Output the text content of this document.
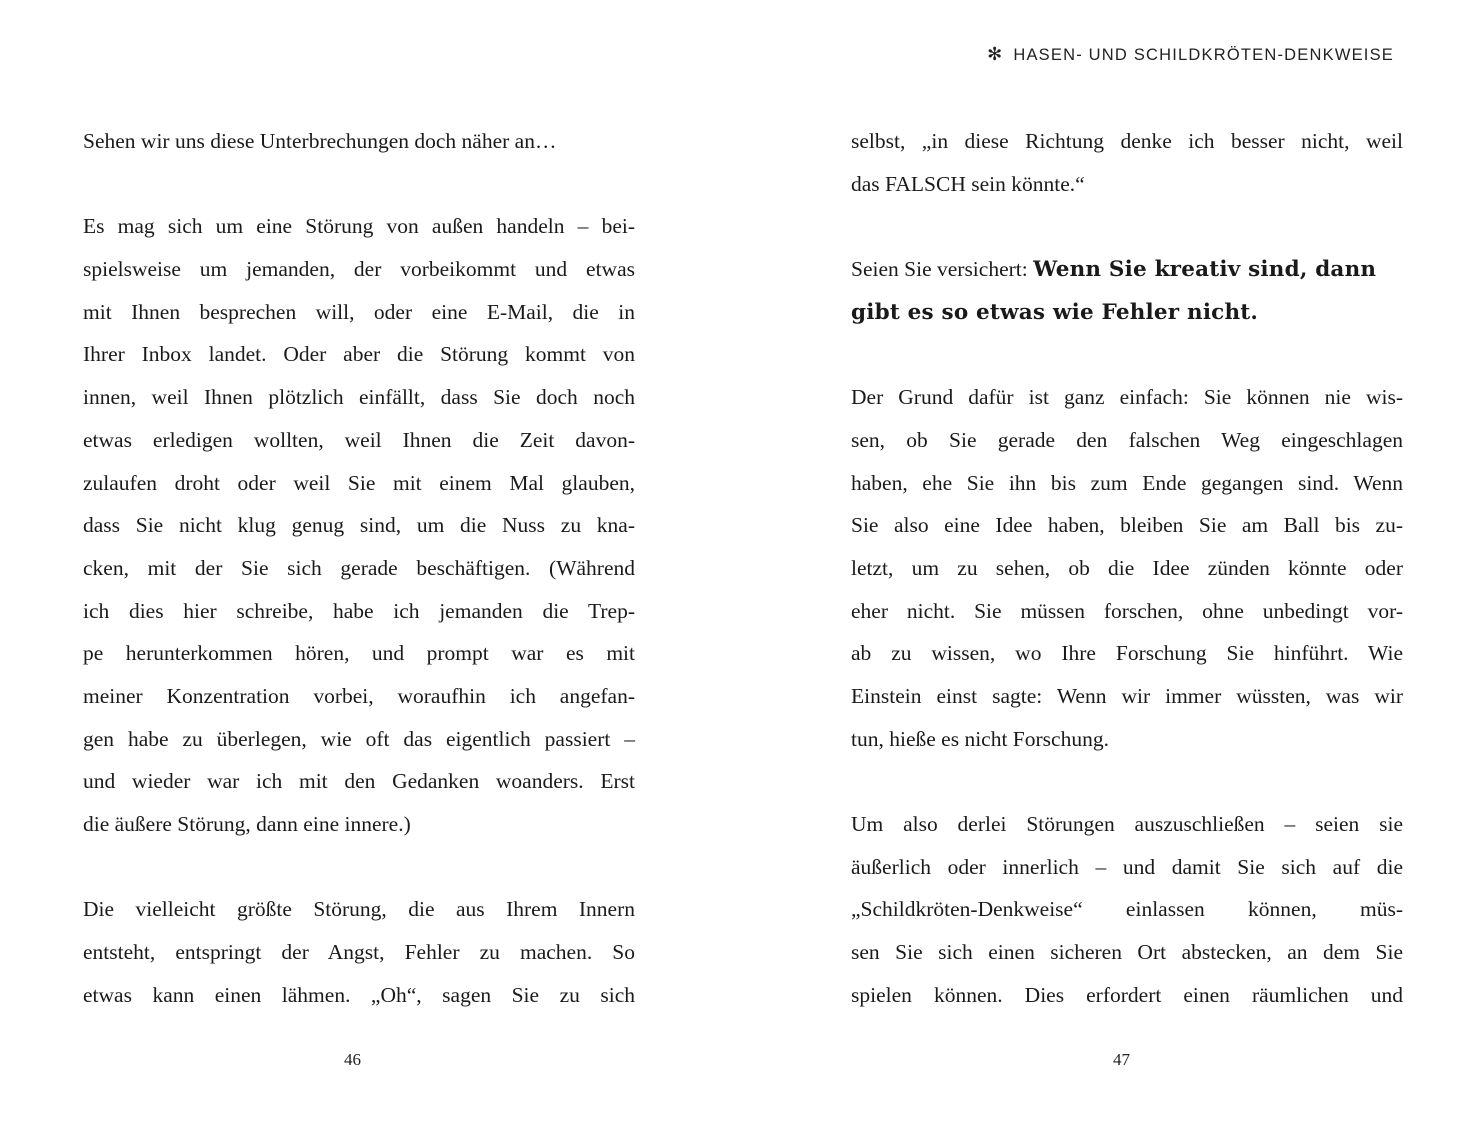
✻ HASEN- UND SCHILDKRÖTEN-DENKWEISE
Sehen wir uns diese Unterbrechungen doch näher an…
Es mag sich um eine Störung von außen handeln – bei-
spielsweise um jemanden, der vorbeikommt und etwas
mit Ihnen besprechen will, oder eine E-Mail, die in
Ihrer Inbox landet. Oder aber die Störung kommt von
innen, weil Ihnen plötzlich einfällt, dass Sie doch noch
etwas erledigen wollten, weil Ihnen die Zeit davon-
zulaufen droht oder weil Sie mit einem Mal glauben,
dass Sie nicht klug genug sind, um die Nuss zu kna-
cken, mit der Sie sich gerade beschäftigen. (Während
ich dies hier schreibe, habe ich jemanden die Trep-
pe herunterkommen hören, und prompt war es mit
meiner Konzentration vorbei, woraufhin ich angefan-
gen habe zu überlegen, wie oft das eigentlich passiert –
und wieder war ich mit den Gedanken woanders. Erst
die äußere Störung, dann eine innere.)
Die vielleicht größte Störung, die aus Ihrem Innern
entsteht, entspringt der Angst, Fehler zu machen. So
etwas kann einen lähmen. „Oh“, sagen Sie zu sich
46
selbst, „in diese Richtung denke ich besser nicht, weil
das FALSCH sein könnte.“
Seien Sie versichert: Wenn Sie kreativ sind, dann
gibt es so etwas wie Fehler nicht.
Der Grund dafür ist ganz einfach: Sie können nie wis-
sen, ob Sie gerade den falschen Weg eingeschlagen
haben, ehe Sie ihn bis zum Ende gegangen sind. Wenn
Sie also eine Idee haben, bleiben Sie am Ball bis zu-
letzt, um zu sehen, ob die Idee zünden könnte oder
eher nicht. Sie müssen forschen, ohne unbedingt vor-
ab zu wissen, wo Ihre Forschung Sie hinführt. Wie
Einstein einst sagte: Wenn wir immer wüssten, was wir
tun, hieße es nicht Forschung.
Um also derlei Störungen auszuschließen – seien sie
äußerlich oder innerlich – und damit Sie sich auf die
„Schildkröten-Denkweise“ einlassen können, müs-
sen Sie sich einen sicheren Ort abstecken, an dem Sie
spielen können. Dies erfordert einen räumlichen und
47
